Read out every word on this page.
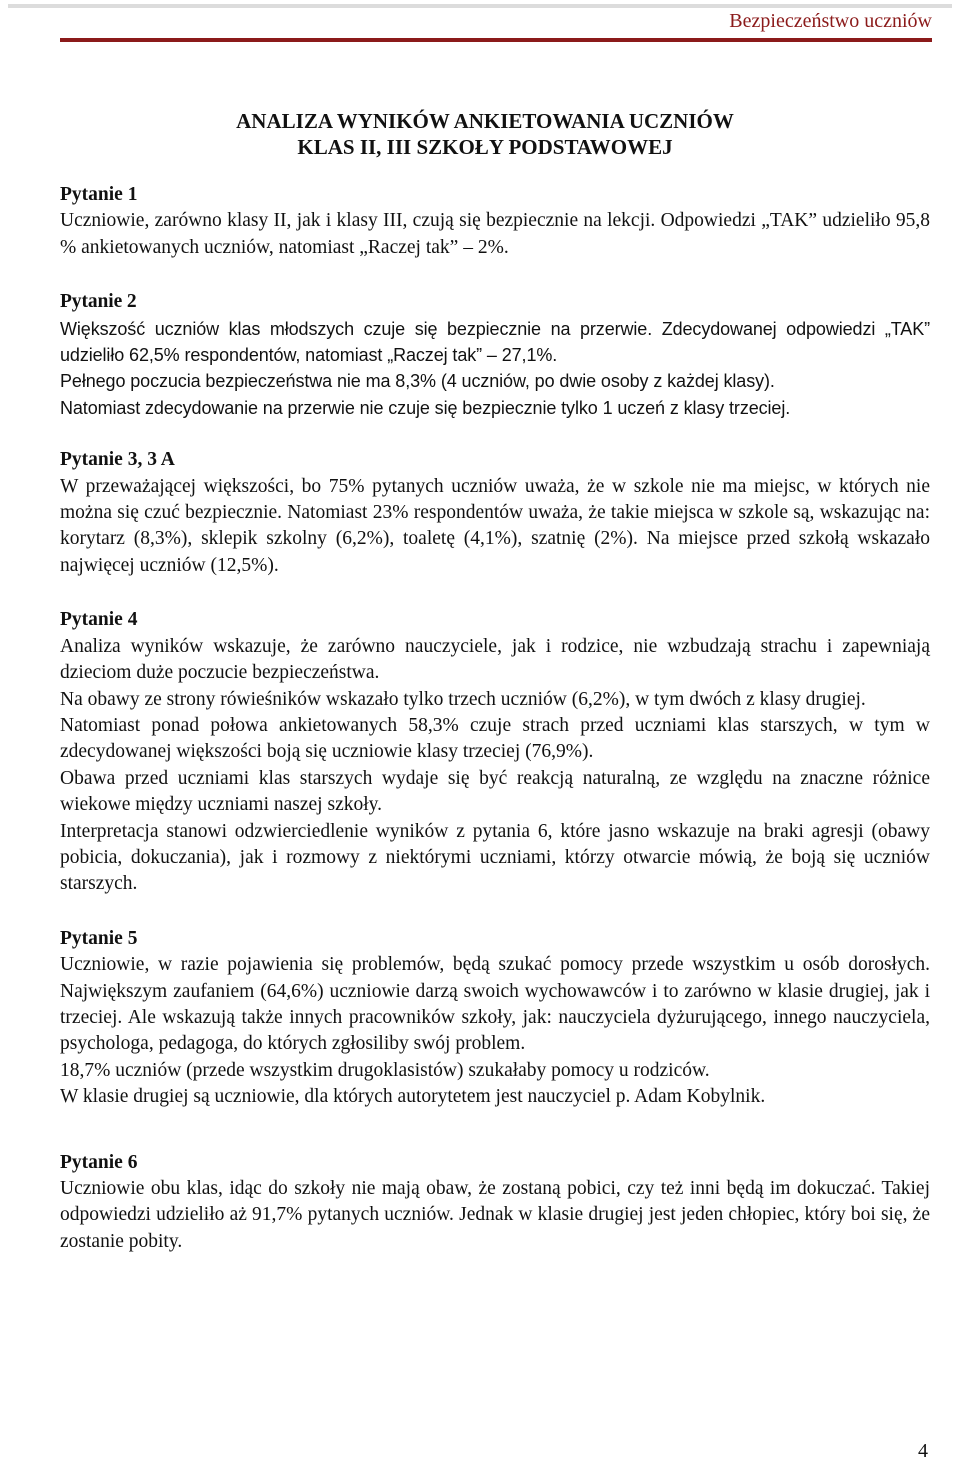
Bezpieczeństwo uczniów
ANALIZA WYNIKÓW ANKIETOWANIA UCZNIÓW
KLAS II, III SZKOŁY PODSTAWOWEJ
Pytanie 1
Uczniowie, zarówno klasy II, jak i klasy III, czują się bezpiecznie na lekcji. Odpowiedzi „TAK” udzieliło 95,8 % ankietowanych uczniów, natomiast „Raczej tak” – 2%.
Pytanie 2
Większość uczniów klas młodszych czuje się bezpiecznie na przerwie. Zdecydowanej odpowiedzi „TAK” udzieliło 62,5% respondentów, natomiast „Raczej tak” – 27,1%.
Pełnego poczucia bezpieczeństwa nie ma 8,3% (4 uczniów, po dwie osoby z każdej klasy).
Natomiast zdecydowanie na przerwie nie czuje się bezpiecznie tylko 1 uczeń z klasy trzeciej.
Pytanie 3, 3 A
W przeważającej większości, bo 75% pytanych uczniów uważa, że w szkole nie ma miejsc, w których nie można się czuć bezpiecznie. Natomiast 23% respondentów uważa, że takie miejsca w szkole są, wskazując na: korytarz (8,3%), sklepik szkolny (6,2%), toaletę (4,1%), szatnię (2%). Na miejsce przed szkołą wskazało najwięcej uczniów (12,5%).
Pytanie 4
Analiza wyników wskazuje, że zarówno nauczyciele, jak i rodzice, nie wzbudzają strachu i zapewniają dzieciom duże poczucie bezpieczeństwa.
Na obawy ze strony rówieśników wskazało tylko trzech uczniów (6,2%), w tym dwóch z klasy drugiej.
Natomiast ponad połowa ankietowanych 58,3% czuje strach przed uczniami klas starszych, w tym w zdecydowanej większości boją się uczniowie klasy trzeciej (76,9%).
Obawa przed uczniami klas starszych wydaje się być reakcją naturalną, ze względu na znaczne różnice wiekowe między uczniami naszej szkoły.
Interpretacja stanowi odzwierciedlenie wyników z pytania 6, które jasno wskazuje na braki agresji (obawy pobicia, dokuczania), jak i rozmowy z niektórymi uczniami, którzy otwarcie mówią, że boją się uczniów starszych.
Pytanie 5
Uczniowie, w razie pojawienia się problemów, będą szukać pomocy przede wszystkim u osób dorosłych. Największym zaufaniem (64,6%) uczniowie darzą swoich wychowawców i to zarówno w klasie drugiej, jak i trzeciej. Ale wskazują także innych pracowników szkoły, jak: nauczyciela dyżurującego, innego nauczyciela, psychologa, pedagoga, do których zgłosiliby swój problem.
18,7% uczniów (przede wszystkim drugoklasistów) szukałaby pomocy u rodziców.
W klasie drugiej są uczniowie, dla których autorytetem jest nauczyciel p. Adam Kobylnik.
Pytanie 6
Uczniowie obu klas, idąc do szkoły nie mają obaw, że zostaną pobici, czy też inni będą im dokuczać. Takiej odpowiedzi udzieliło aż 91,7% pytanych uczniów. Jednak w klasie drugiej jest jeden chłopiec, który boi się, że zostanie pobity.
4
